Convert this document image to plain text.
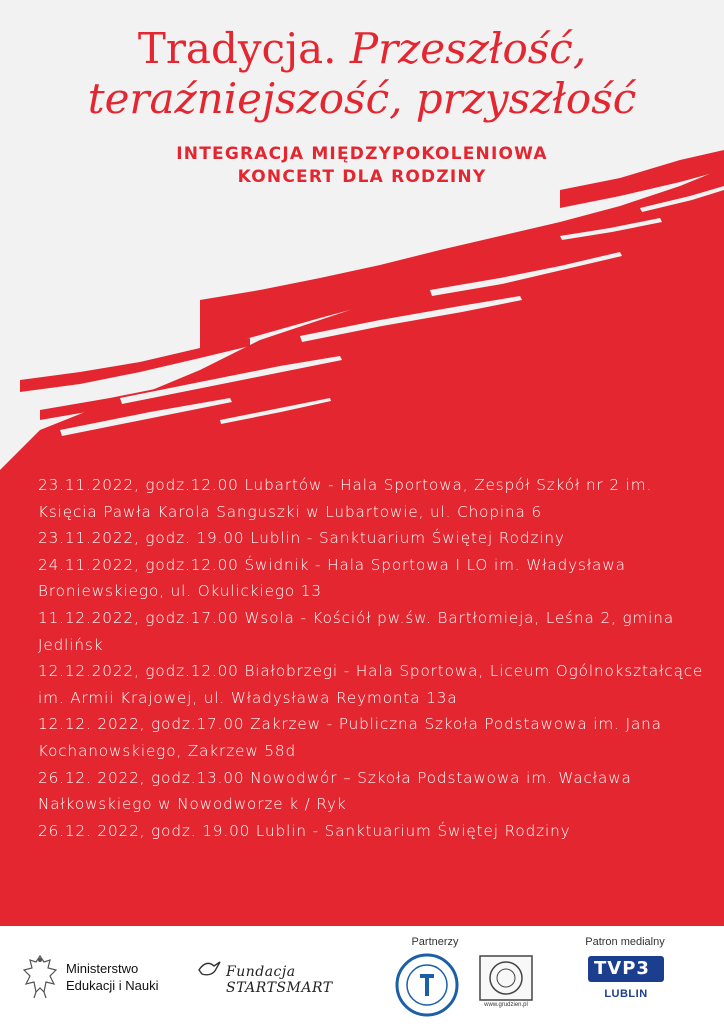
Tradycja. Przeszłość,
teraźniejszość, przyszłość
INTEGRACJA MIĘDZYPOKOLENIOWA
KONCERT DLA RODZINY

23.11.2022, godz.12.00 Lubartów - Hala Sportowa, Zespół Szkół nr 2 im. Księcia Pawła Karola Sanguszki w Lubartowie, ul. Chopina 6

23.11.2022, godz. 19.00 Lublin - Sanktuarium Świętej Rodziny

24.11.2022, godz.12.00 Świdnik - Hala Sportowa I LO im. Władysława Broniewskiego, ul. Okulickiego 13

11.12.2022, godz.17.00 Wsola - Kościół pw.św. Bartłomieja, Leśna 2, gmina Jedlińsk

12.12.2022, godz.12.00 Białobrzegi - Hala Sportowa, Liceum Ogólnokształcące im. Armii Krajowej, ul. Władysława Reymonta 13a

12.12. 2022, godz.17.00 Zakrzew - Publiczna Szkoła Podstawowa im. Jana Kochanowskiego, Zakrzew 58d

26.12. 2022, godz.13.00 Nowodwór – Szkoła Podstawowa im. Wacława Nałkowskiego w Nowodworze k / Ryk

26.12. 2022, godz. 19.00 Lublin - Sanktuarium Świętej Rodziny

Ministerstwo
Edukacji i Nauki
Fundacja STARTSMART
Partnerzy
www.grudzien.pl
Patron medialny
TVP3
LUBLIN
